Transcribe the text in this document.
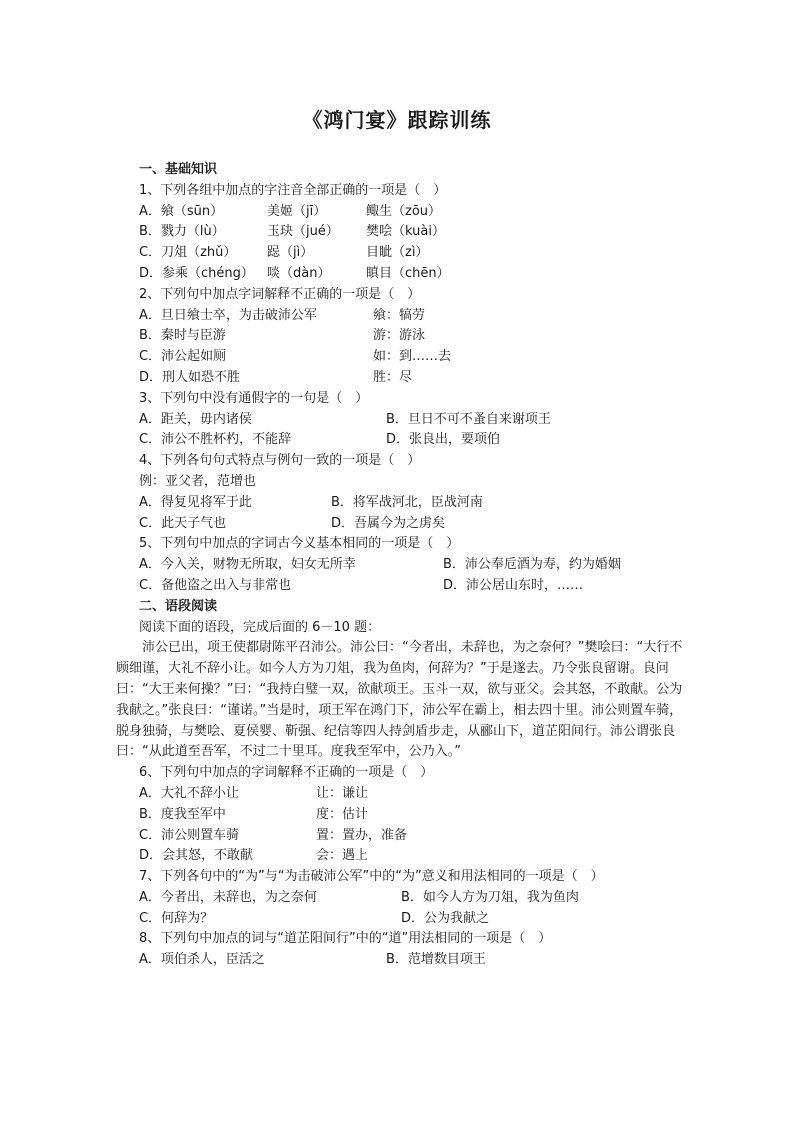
《鸿门宴》跟踪训练
一、基础知识
1、下列各组中加点的字注音全部正确的一项是（　）
A．飨（sūn）	美姬（jī）	鲰生（zōu）
B．戮力（lù）	玉玦（jué） 樊哙（kuài）
C．刀俎（zhǔ） 跽（jì）	目眦（zì）
D．参乘（chéng） 啖（dàn）	瞋目（chēn）
2、下列句中加点字词解释不正确的一项是（　）
A．旦日飨士卒，为击破沛公军	飨：犒劳
B．秦时与臣游	游：游泳
C．沛公起如厕	如：到……去
D．刑人如恐不胜	胜：尽
3、下列句中没有通假字的一句是（　）
A．距关，毋内诸侯	B．旦日不可不蚤自来谢项王
C．沛公不胜杯杓，不能辞	D．张良出，要项伯
4、下列各句句式特点与例句一致的一项是（　）
例：亚父者，范增也
A．得复见将军于此	B．将军战河北，臣战河南
C．此天子气也	D．吾属今为之虏矣
5、下列句中加点的字词古今义基本相同的一项是（　）
A．今入关，财物无所取，妇女无所幸	B．沛公奉卮酒为寿，约为婚姻
C．备他盗之出入与非常也	D．沛公居山东时，……
二、语段阅读
阅读下面的语段，完成后面的 6－10 题：
沛公已出，项王使都尉陈平召沛公。沛公曰：“今者出，未辞也，为之奈何？”樊哙曰：“大行不顾细谨，大礼不辞小让。如今人方为刀俎，我为鱼肉，何辞为？”于是遂去。乃令张良留谢。良问曰：“大王来何操？”曰：“我持白璧一双，欲献项王。玉斗一双，欲与亚父。会其怒，不敢献。公为我献之。”张良曰：“谨诺。”当是时，项王军在鸿门下，沛公军在霸上，相去四十里。沛公则置车骑，脱身独骑，与樊哙、夏侯婴、靳强、纪信等四人持剑盾步走，从郦山下，道芷阳间行。沛公谓张良曰：“从此道至吾军，不过二十里耳。度我至军中，公乃入。”
6、下列句中加点的字词解释不正确的一项是（　）
A．大礼不辞小让	让：谦让
B．度我至军中	度：估计
C．沛公则置车骑	置：置办，准备
D．会其怒，不敢献	会：遇上
7、下列各句中的“为”与“为击破沛公军”中的“为”意义和用法相同的一项是（　）
A．今者出，未辞也，为之奈何	B．如今人方为刀俎，我为鱼肉
C．何辞为？	D．公为我献之
8、下列句中加点的词与“道芷阳间行”中的“道”用法相同的一项是（　）
A．项伯杀人，臣活之	B．范增数目项王
